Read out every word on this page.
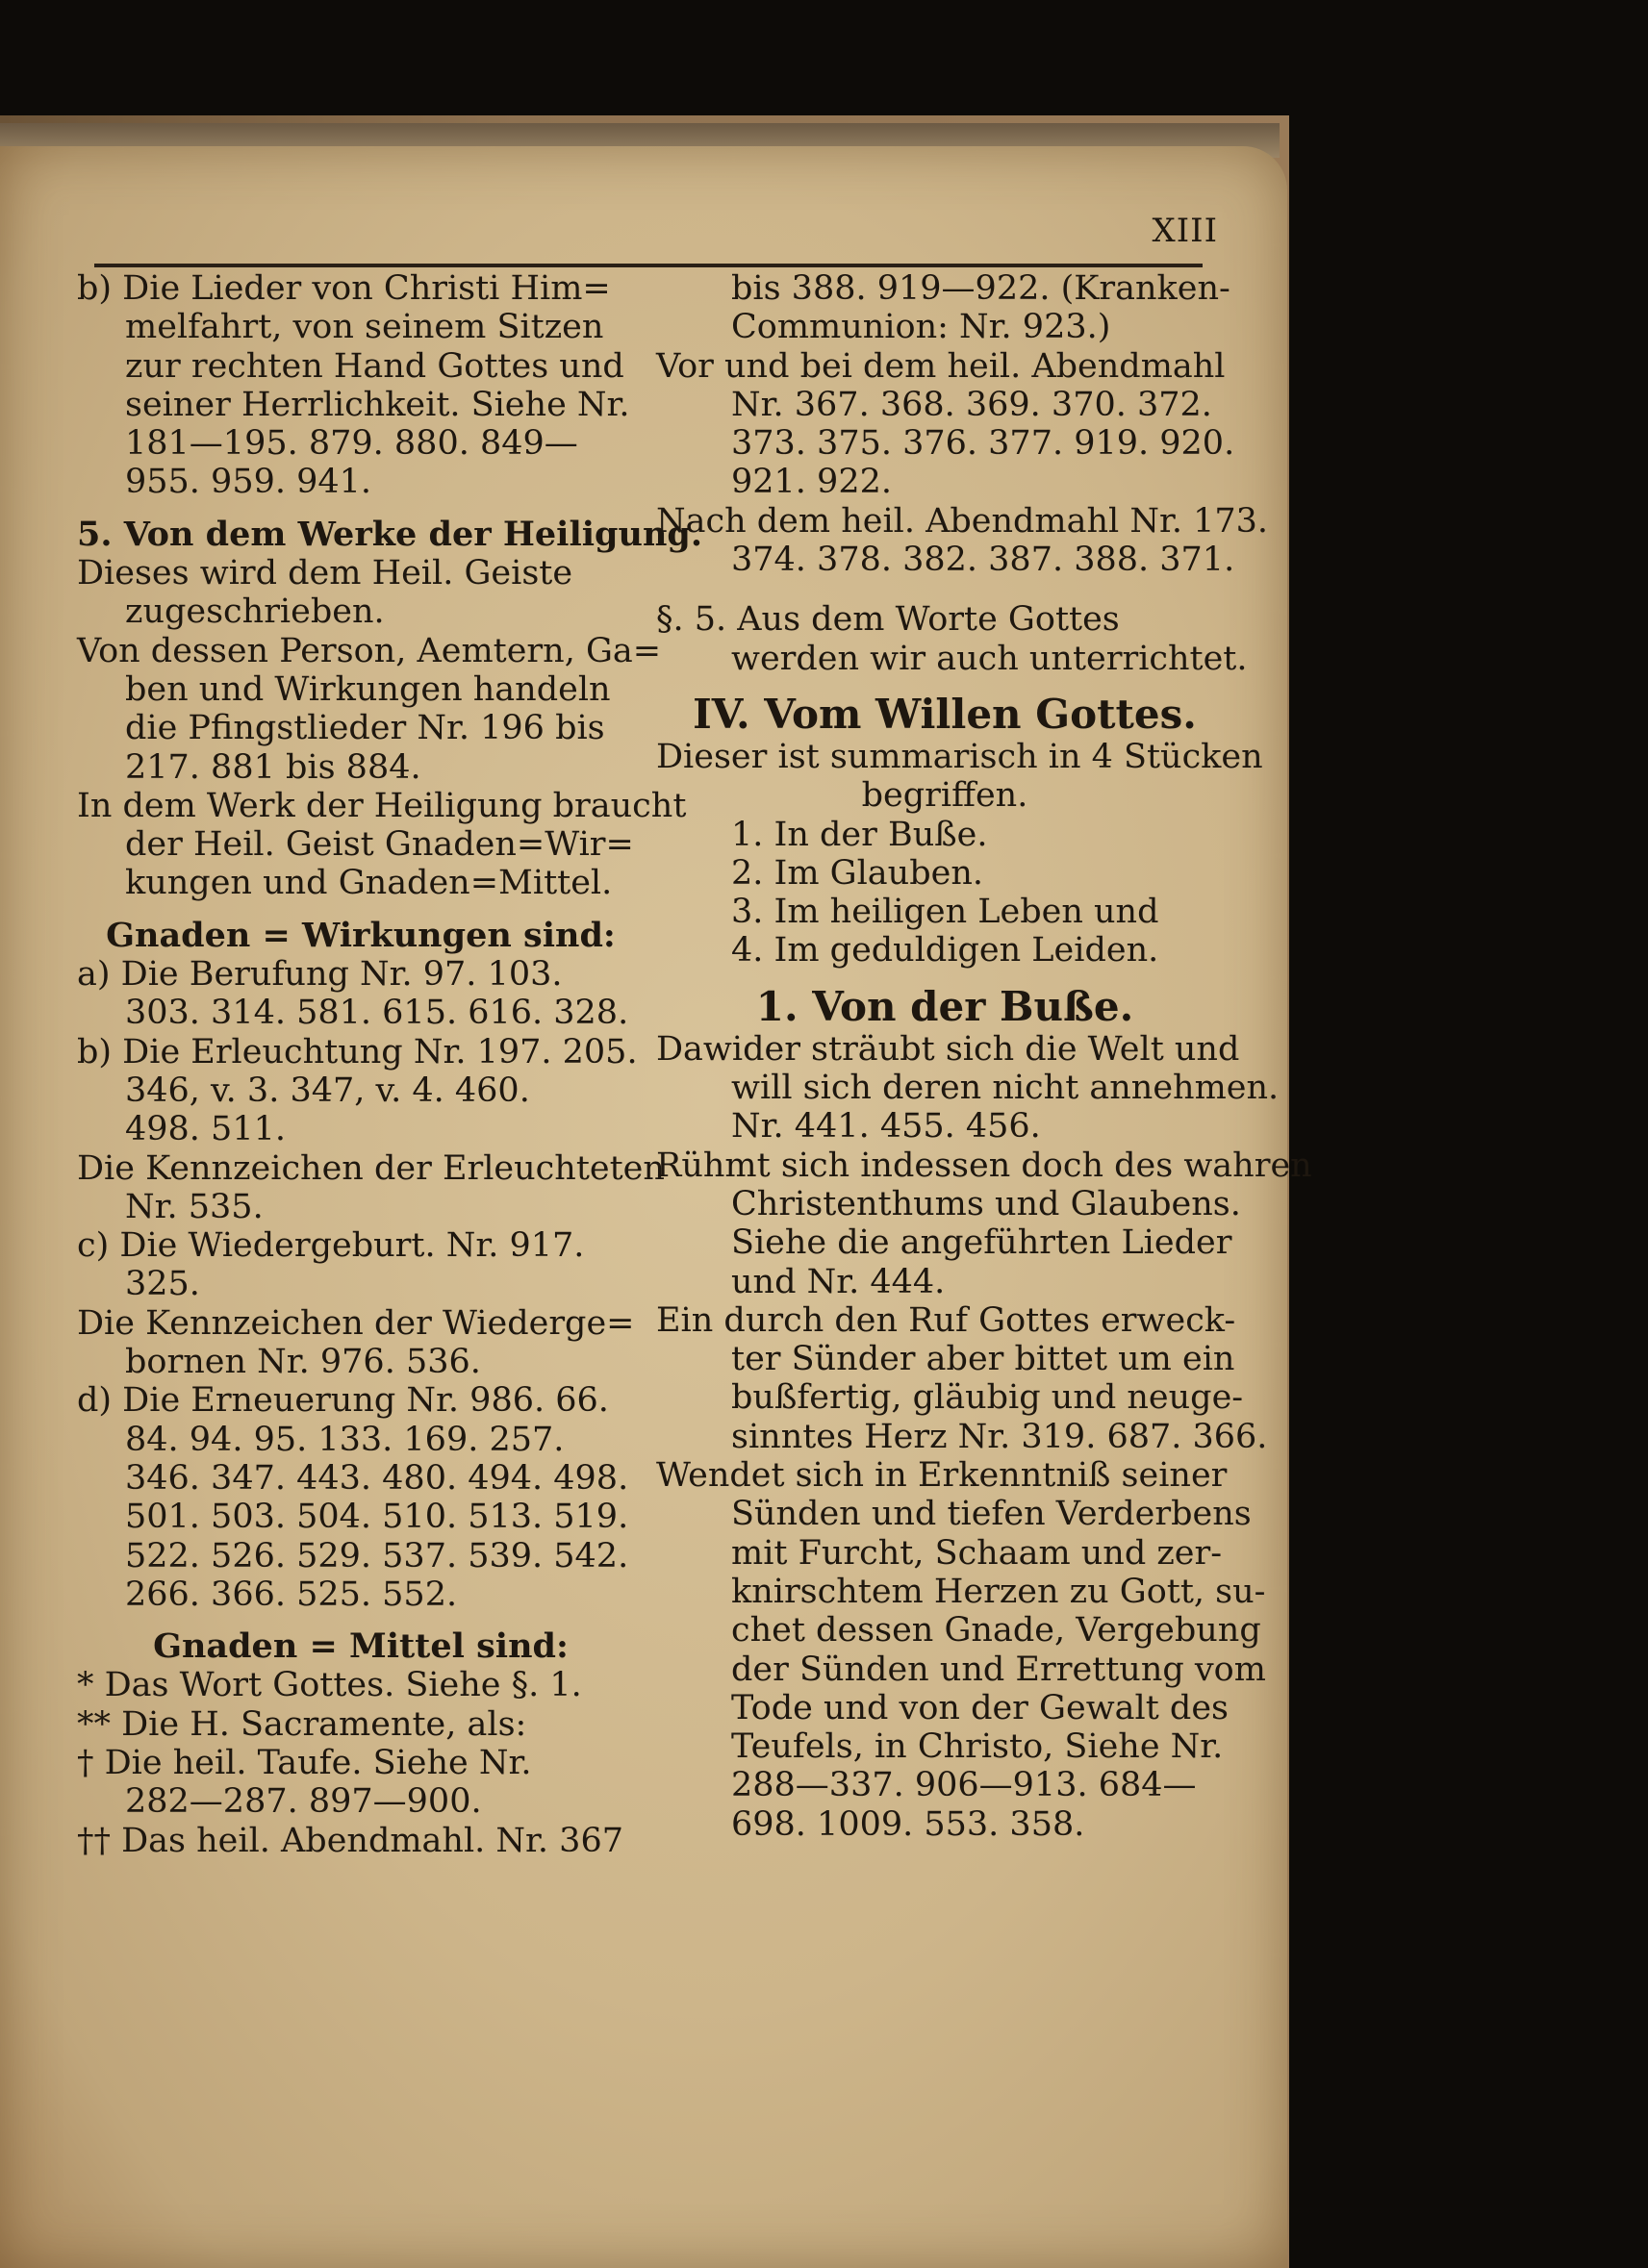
XIII
b) Die Lieder von Christi Him=
melfahrt, von seinem Sitzen
zur rechten Hand Gottes und
seiner Herrlichkeit. Siehe Nr.
181—195. 879. 880. 849—
955. 959. 941.
5. Von dem Werke der Heiligung.
Dieses wird dem Heil. Geiste
zugeschrieben.
Von dessen Person, Aemtern, Ga=
ben und Wirkungen handeln
die Pfingstlieder Nr. 196 bis
217. 881 bis 884.
In dem Werk der Heiligung braucht
der Heil. Geist Gnaden=Wir=
kungen und Gnaden=Mittel.
Gnaden = Wirkungen sind:
a) Die Berufung Nr. 97. 103.
303. 314. 581. 615. 616. 328.
b) Die Erleuchtung Nr. 197. 205.
346, v. 3. 347, v. 4. 460.
498. 511.
Die Kennzeichen der Erleuchteten
Nr. 535.
c) Die Wiedergeburt. Nr. 917.
325.
Die Kennzeichen der Wiederge=
bornen Nr. 976. 536.
d) Die Erneuerung Nr. 986. 66.
84. 94. 95. 133. 169. 257.
346. 347. 443. 480. 494. 498.
501. 503. 504. 510. 513. 519.
522. 526. 529. 537. 539. 542.
266. 366. 525. 552.
Gnaden = Mittel sind:
* Das Wort Gottes. Siehe §. 1.
** Die H. Sacramente, als:
† Die heil. Taufe. Siehe Nr.
282—287. 897—900.
†† Das heil. Abendmahl. Nr. 367
bis 388. 919—922. (Kranken-
Communion: Nr. 923.)
Vor und bei dem heil. Abendmahl
Nr. 367. 368. 369. 370. 372.
373. 375. 376. 377. 919. 920.
921. 922.
Nach dem heil. Abendmahl Nr. 173.
374. 378. 382. 387. 388. 371.
§. 5. Aus dem Worte Gottes
werden wir auch unterrichtet.
IV. Vom Willen Gottes.
Dieser ist summarisch in 4 Stücken
begriffen.
1. In der Buße.
2. Im Glauben.
3. Im heiligen Leben und
4. Im geduldigen Leiden.
1. Von der Buße.
Dawider sträubt sich die Welt und
will sich deren nicht annehmen.
Nr. 441. 455. 456.
Rühmt sich indessen doch des wahren
Christenthums und Glaubens.
Siehe die angeführten Lieder
und Nr. 444.
Ein durch den Ruf Gottes erweck-
ter Sünder aber bittet um ein
bußfertig, gläubig und neuge-
sinntes Herz Nr. 319. 687. 366.
Wendet sich in Erkenntniß seiner
Sünden und tiefen Verderbens
mit Furcht, Schaam und zer-
knirschtem Herzen zu Gott, su-
chet dessen Gnade, Vergebung
der Sünden und Errettung vom
Tode und von der Gewalt des
Teufels, in Christo, Siehe Nr.
288—337. 906—913. 684—
698. 1009. 553. 358.
